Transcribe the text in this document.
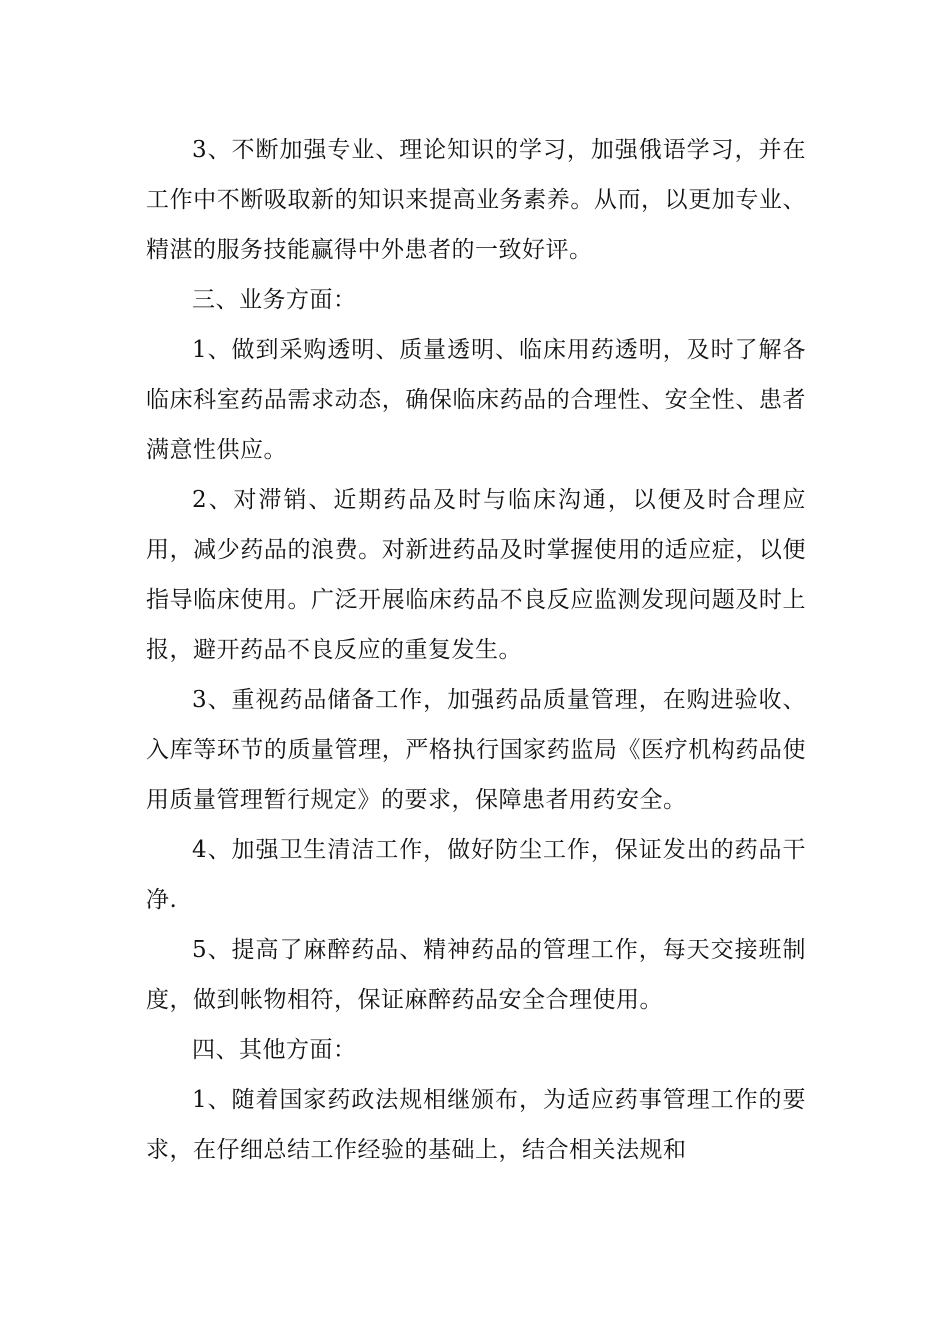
3、不断加强专业、理论知识的学习，加强俄语学习，并在工作中不断吸取新的知识来提高业务素养。从而，以更加专业、精湛的服务技能赢得中外患者的一致好评。

三、业务方面：

1、做到采购透明、质量透明、临床用药透明，及时了解各临床科室药品需求动态，确保临床药品的合理性、安全性、患者满意性供应。

2、对滞销、近期药品及时与临床沟通，以便及时合理应用，减少药品的浪费。对新进药品及时掌握使用的适应症，以便指导临床使用。广泛开展临床药品不良反应监测发现问题及时上报，避开药品不良反应的重复发生。

3、重视药品储备工作，加强药品质量管理，在购进验收、入库等环节的质量管理，严格执行国家药监局《医疗机构药品使用质量管理暂行规定》的要求，保障患者用药安全。

4、加强卫生清洁工作，做好防尘工作，保证发出的药品干净.

5、提高了麻醉药品、精神药品的管理工作，每天交接班制度，做到帐物相符，保证麻醉药品安全合理使用。

四、其他方面：

1、随着国家药政法规相继颁布，为适应药事管理工作的要求，在仔细总结工作经验的基础上，结合相关法规和
